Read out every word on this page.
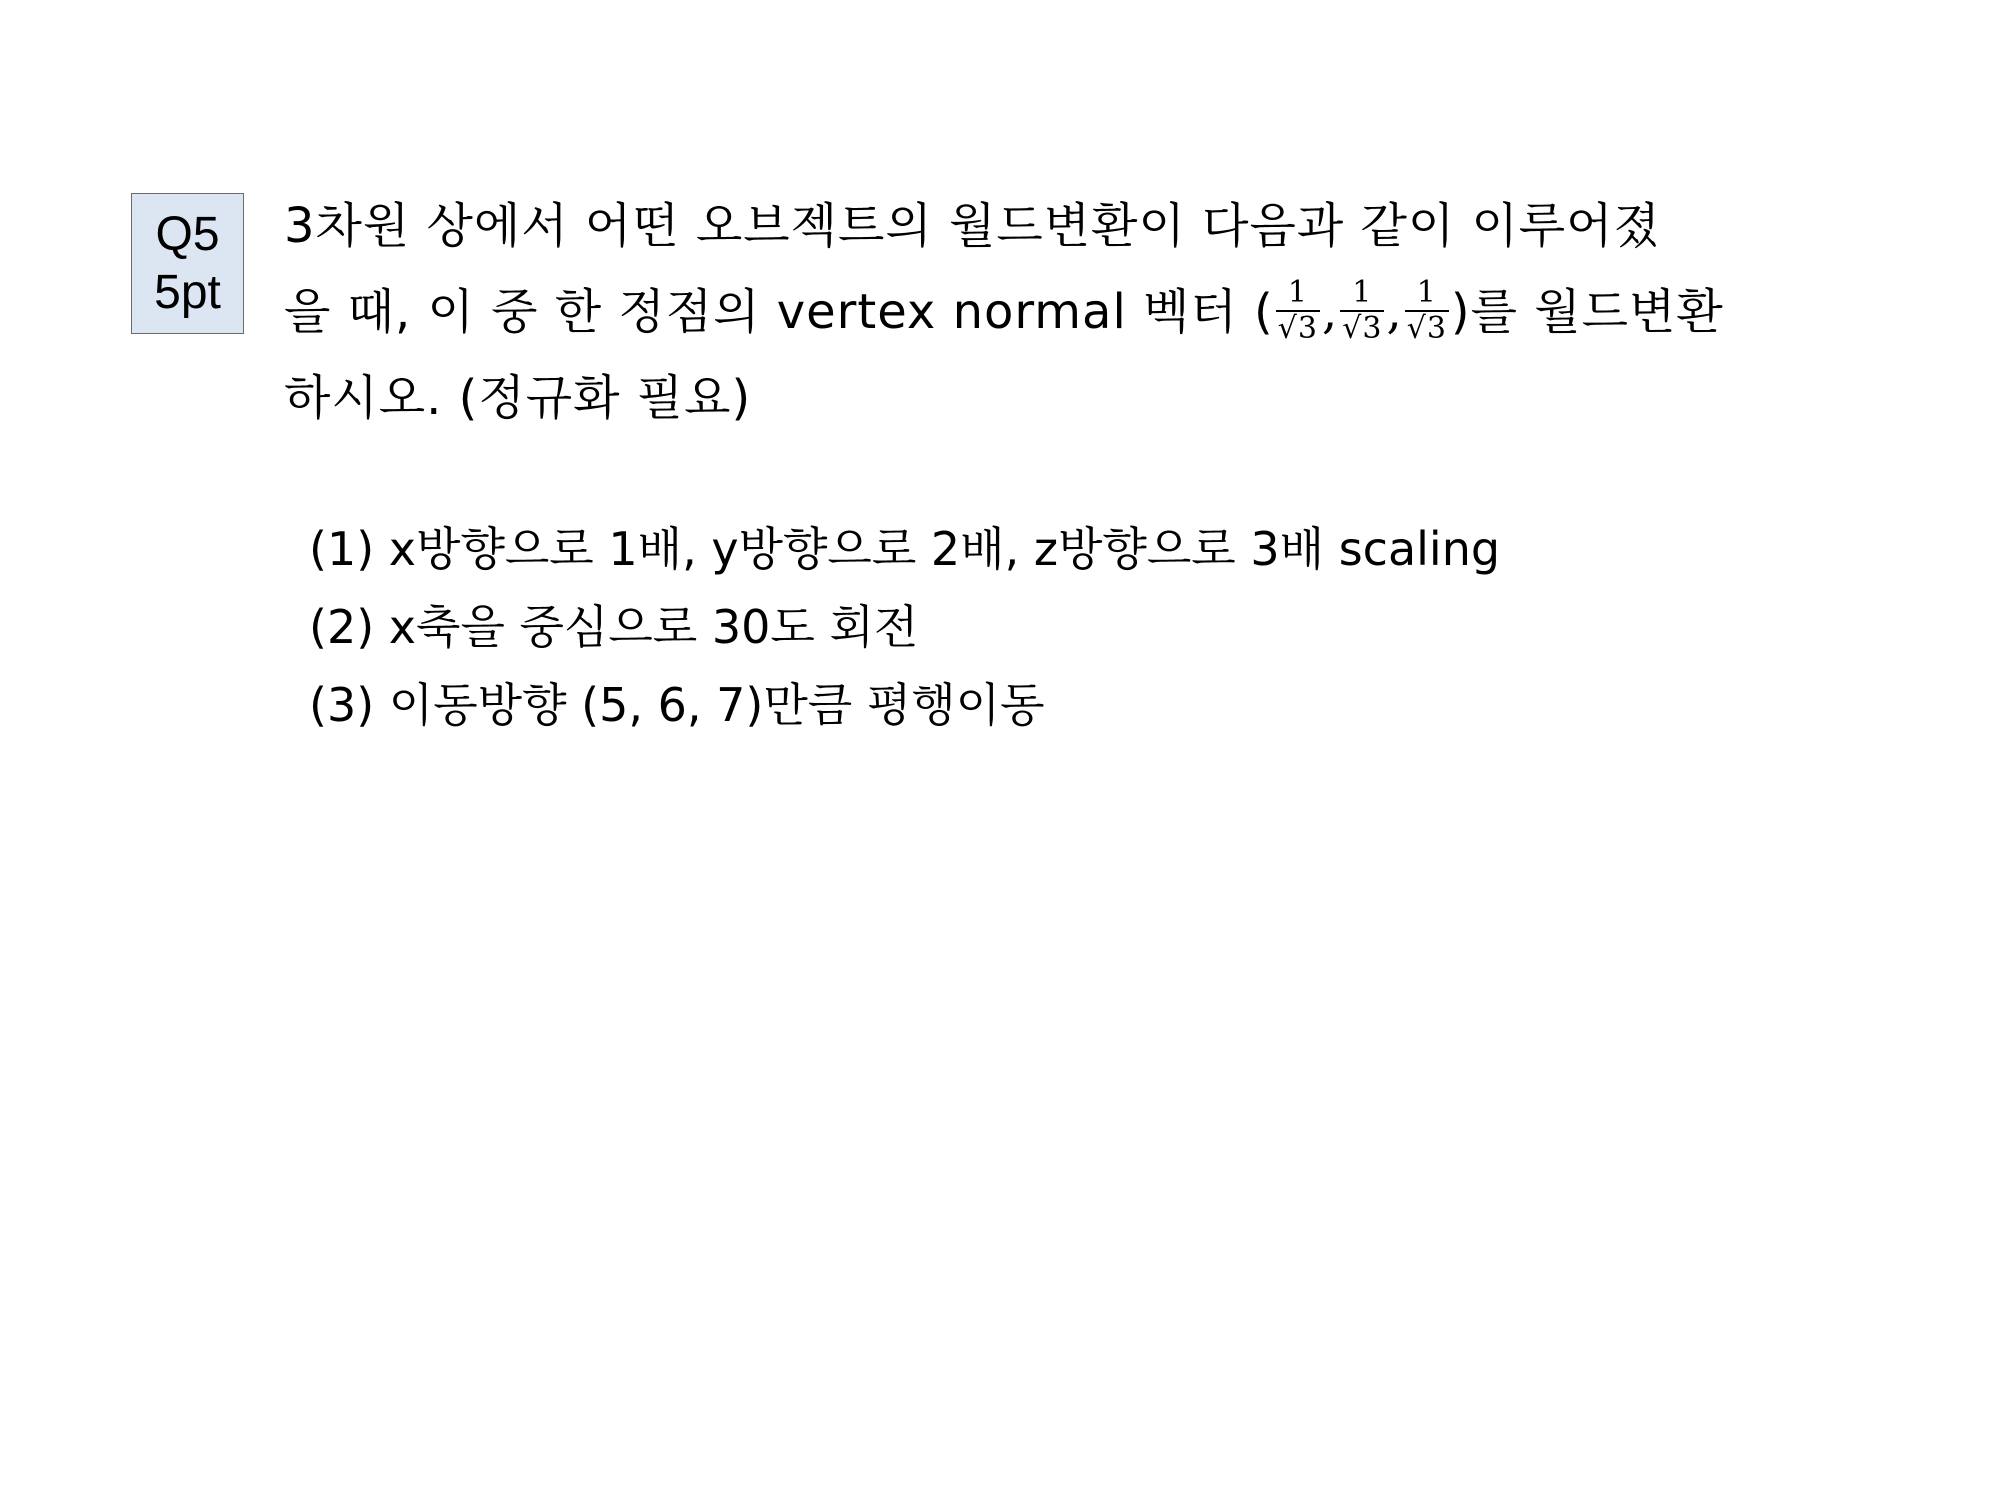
Q5
5pt
3차원 상에서 어떤 오브젝트의 월드변환이 다음과 같이 이루어졌
을 때, 이 중 한 정점의 vertex normal 벡터 ( $\frac{1}{√3}$ , $\frac{1}{√3}$ , $\frac{1}{√3}$ )를 월드변환
하시오. (정규화 필요)
(1) x방향으로 1배, y방향으로 2배, z방향으로 3배 scaling
(2) x축을 중심으로 30도 회전
(3) 이동방향 (5, 6, 7)만큼 평행이동
